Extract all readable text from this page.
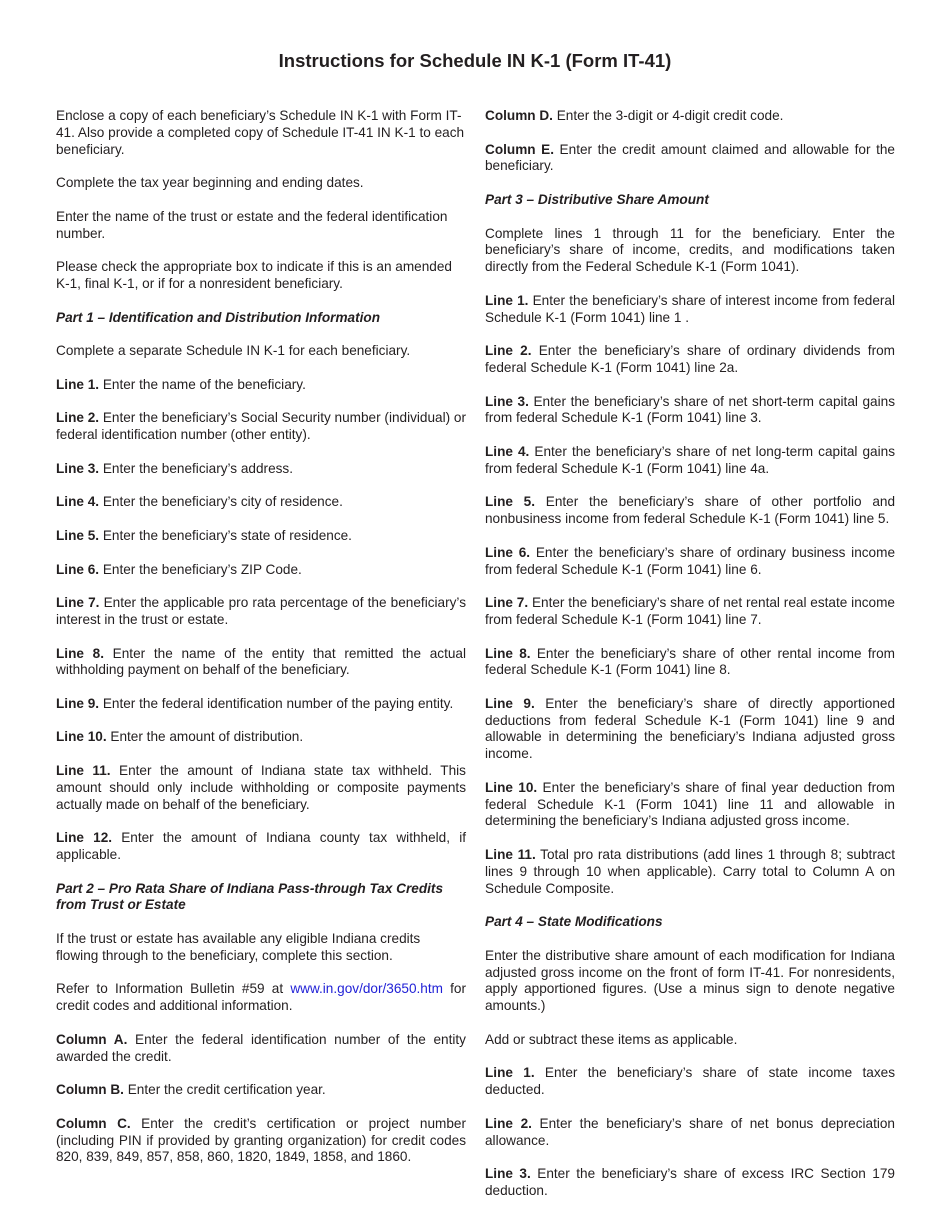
Instructions for Schedule IN K-1 (Form IT-41)

Enclose a copy of each beneficiary’s Schedule IN K-1 with Form IT-41. Also provide a completed copy of Schedule IT-41 IN K-1 to each beneficiary.

Complete the tax year beginning and ending dates.

Enter the name of the trust or estate and the federal identification number.

Please check the appropriate box to indicate if this is an amended K-1, final K-1, or if for a nonresident beneficiary.

Part 1 – Identification and Distribution Information

Complete a separate Schedule IN K-1 for each beneficiary.

Line 1. Enter the name of the beneficiary.

Line 2. Enter the beneficiary’s Social Security number (individual) or federal identification number (other entity).

Line 3. Enter the beneficiary’s address.

Line 4. Enter the beneficiary’s city of residence.

Line 5. Enter the beneficiary’s state of residence.

Line 6. Enter the beneficiary’s ZIP Code.

Line 7. Enter the applicable pro rata percentage of the beneficiary’s interest in the trust or estate.

Line 8. Enter the name of the entity that remitted the actual withholding payment on behalf of the beneficiary.

Line 9. Enter the federal identification number of the paying entity.

Line 10. Enter the amount of distribution.

Line 11. Enter the amount of Indiana state tax withheld. This amount should only include withholding or composite payments actually made on behalf of the beneficiary.

Line 12. Enter the amount of Indiana county tax withheld, if applicable.

Part 2 – Pro Rata Share of Indiana Pass-through Tax Credits from Trust or Estate

If the trust or estate has available any eligible Indiana credits flowing through to the beneficiary, complete this section.

Refer to Information Bulletin #59 at www.in.gov/dor/3650.htm for credit codes and additional information.

Column A. Enter the federal identification number of the entity awarded the credit.

Column B. Enter the credit certification year.

Column C. Enter the credit’s certification or project number (including PIN if provided by granting organization) for credit codes 820, 839, 849, 857, 858, 860, 1820, 1849, 1858, and 1860.

Column D. Enter the 3-digit or 4-digit credit code.

Column E. Enter the credit amount claimed and allowable for the beneficiary.

Part 3 – Distributive Share Amount

Complete lines 1 through 11 for the beneficiary. Enter the beneficiary’s share of income, credits, and modifications taken directly from the Federal Schedule K-1 (Form 1041).

Line 1. Enter the beneficiary’s share of interest income from federal Schedule K-1 (Form 1041) line 1 .

Line 2. Enter the beneficiary’s share of ordinary dividends from federal Schedule K-1 (Form 1041) line 2a.

Line 3. Enter the beneficiary’s share of net short-term capital gains from federal Schedule K-1 (Form 1041) line 3.

Line 4. Enter the beneficiary’s share of net long-term capital gains from federal Schedule K-1 (Form 1041) line 4a.

Line 5. Enter the beneficiary’s share of other portfolio and nonbusiness income from federal Schedule K-1 (Form 1041) line 5.

Line 6. Enter the beneficiary’s share of ordinary business income from federal Schedule K-1 (Form 1041) line 6.

Line 7. Enter the beneficiary’s share of net rental real estate income from federal Schedule K-1 (Form 1041) line 7.

Line 8. Enter the beneficiary’s share of other rental income from federal Schedule K-1 (Form 1041) line 8.

Line 9. Enter the beneficiary’s share of directly apportioned deductions from federal Schedule K-1 (Form 1041) line 9 and allowable in determining the beneficiary’s Indiana adjusted gross income.

Line 10. Enter the beneficiary’s share of final year deduction from federal Schedule K-1 (Form 1041) line 11 and allowable in determining the beneficiary’s Indiana adjusted gross income.

Line 11. Total pro rata distributions (add lines 1 through 8; subtract lines 9 through 10 when applicable). Carry total to Column A on Schedule Composite.

Part 4 – State Modifications

Enter the distributive share amount of each modification for Indiana adjusted gross income on the front of form IT-41. For nonresidents, apply apportioned figures. (Use a minus sign to denote negative amounts.)

Add or subtract these items as applicable.

Line 1. Enter the beneficiary’s share of state income taxes deducted.

Line 2. Enter the beneficiary’s share of net bonus depreciation allowance.

Line 3. Enter the beneficiary’s share of excess IRC Section 179 deduction.
